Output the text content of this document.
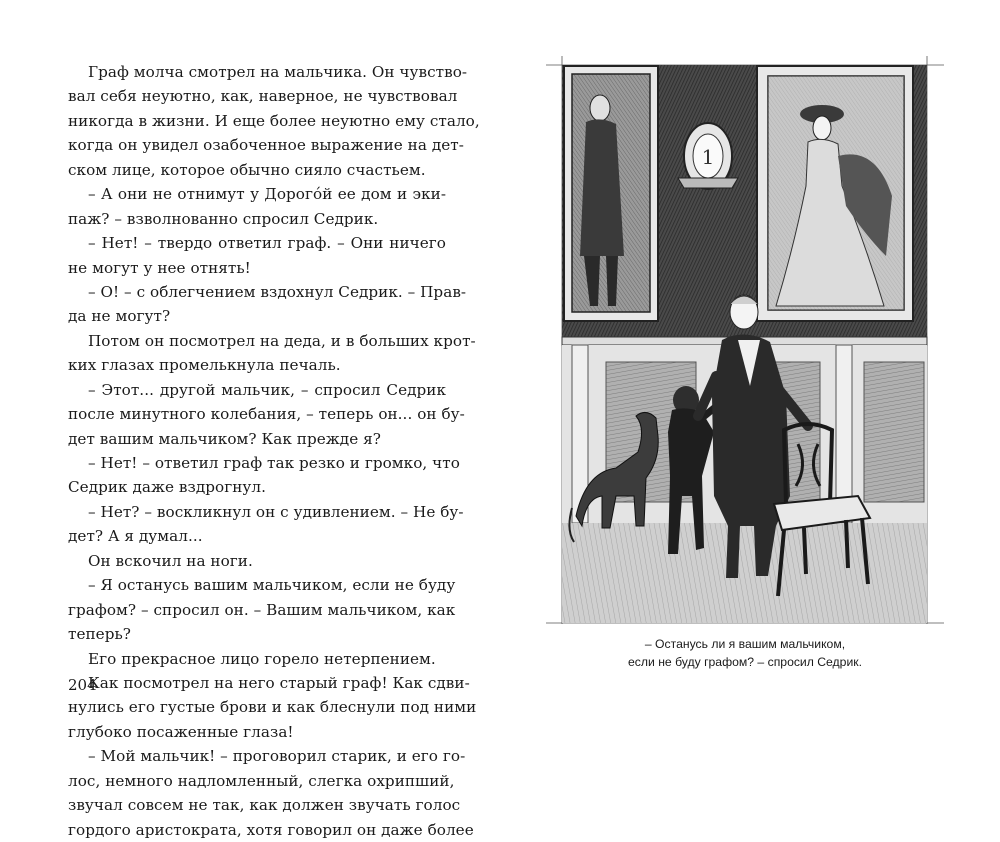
Граф молча смотрел на мальчика. Он чувство-
вал себя неуютно, как, наверное, не чувствовал
никогда в жизни. И еще более неуютно ему стало,
когда он увидел озабоченное выражение на дет-
ском лице, которое обычно сияло счастьем.
– А они не отнимут у Дорогóй ее дом и эки-
паж? – взволнованно спросил Седрик.
– Нет! – твердо ответил граф. – Они ничего
не могут у нее отнять!
– О! – с облегчением вздохнул Седрик. – Прав-
да не могут?
Потом он посмотрел на деда, и в больших крот-
ких глазах промелькнула печаль.
– Этот... другой мальчик, – спросил Седрик
после минутного колебания, – теперь он... он бу-
дет вашим мальчиком? Как прежде я?
– Нет! – ответил граф так резко и громко, что
Седрик даже вздрогнул.
– Нет? – воскликнул он с удивлением. – Не бу-
дет? А я думал...
Он вскочил на ноги.
– Я останусь вашим мальчиком, если не буду
графом? – спросил он. – Вашим мальчиком, как
теперь?
Его прекрасное лицо горело нетерпением.
Как посмотрел на него старый граф! Как сдви-
нулись его густые брови и как блеснули под ними
глубоко посаженные глаза!
– Мой мальчик! – проговорил старик, и его го-
лос, немного надломленный, слегка охрипший,
звучал совсем не так, как должен звучать голос
гордого аристократа, хотя говорил он даже более
204
1
– Останусь ли я вашим мальчиком,
если не буду графом? – спросил Седрик.
